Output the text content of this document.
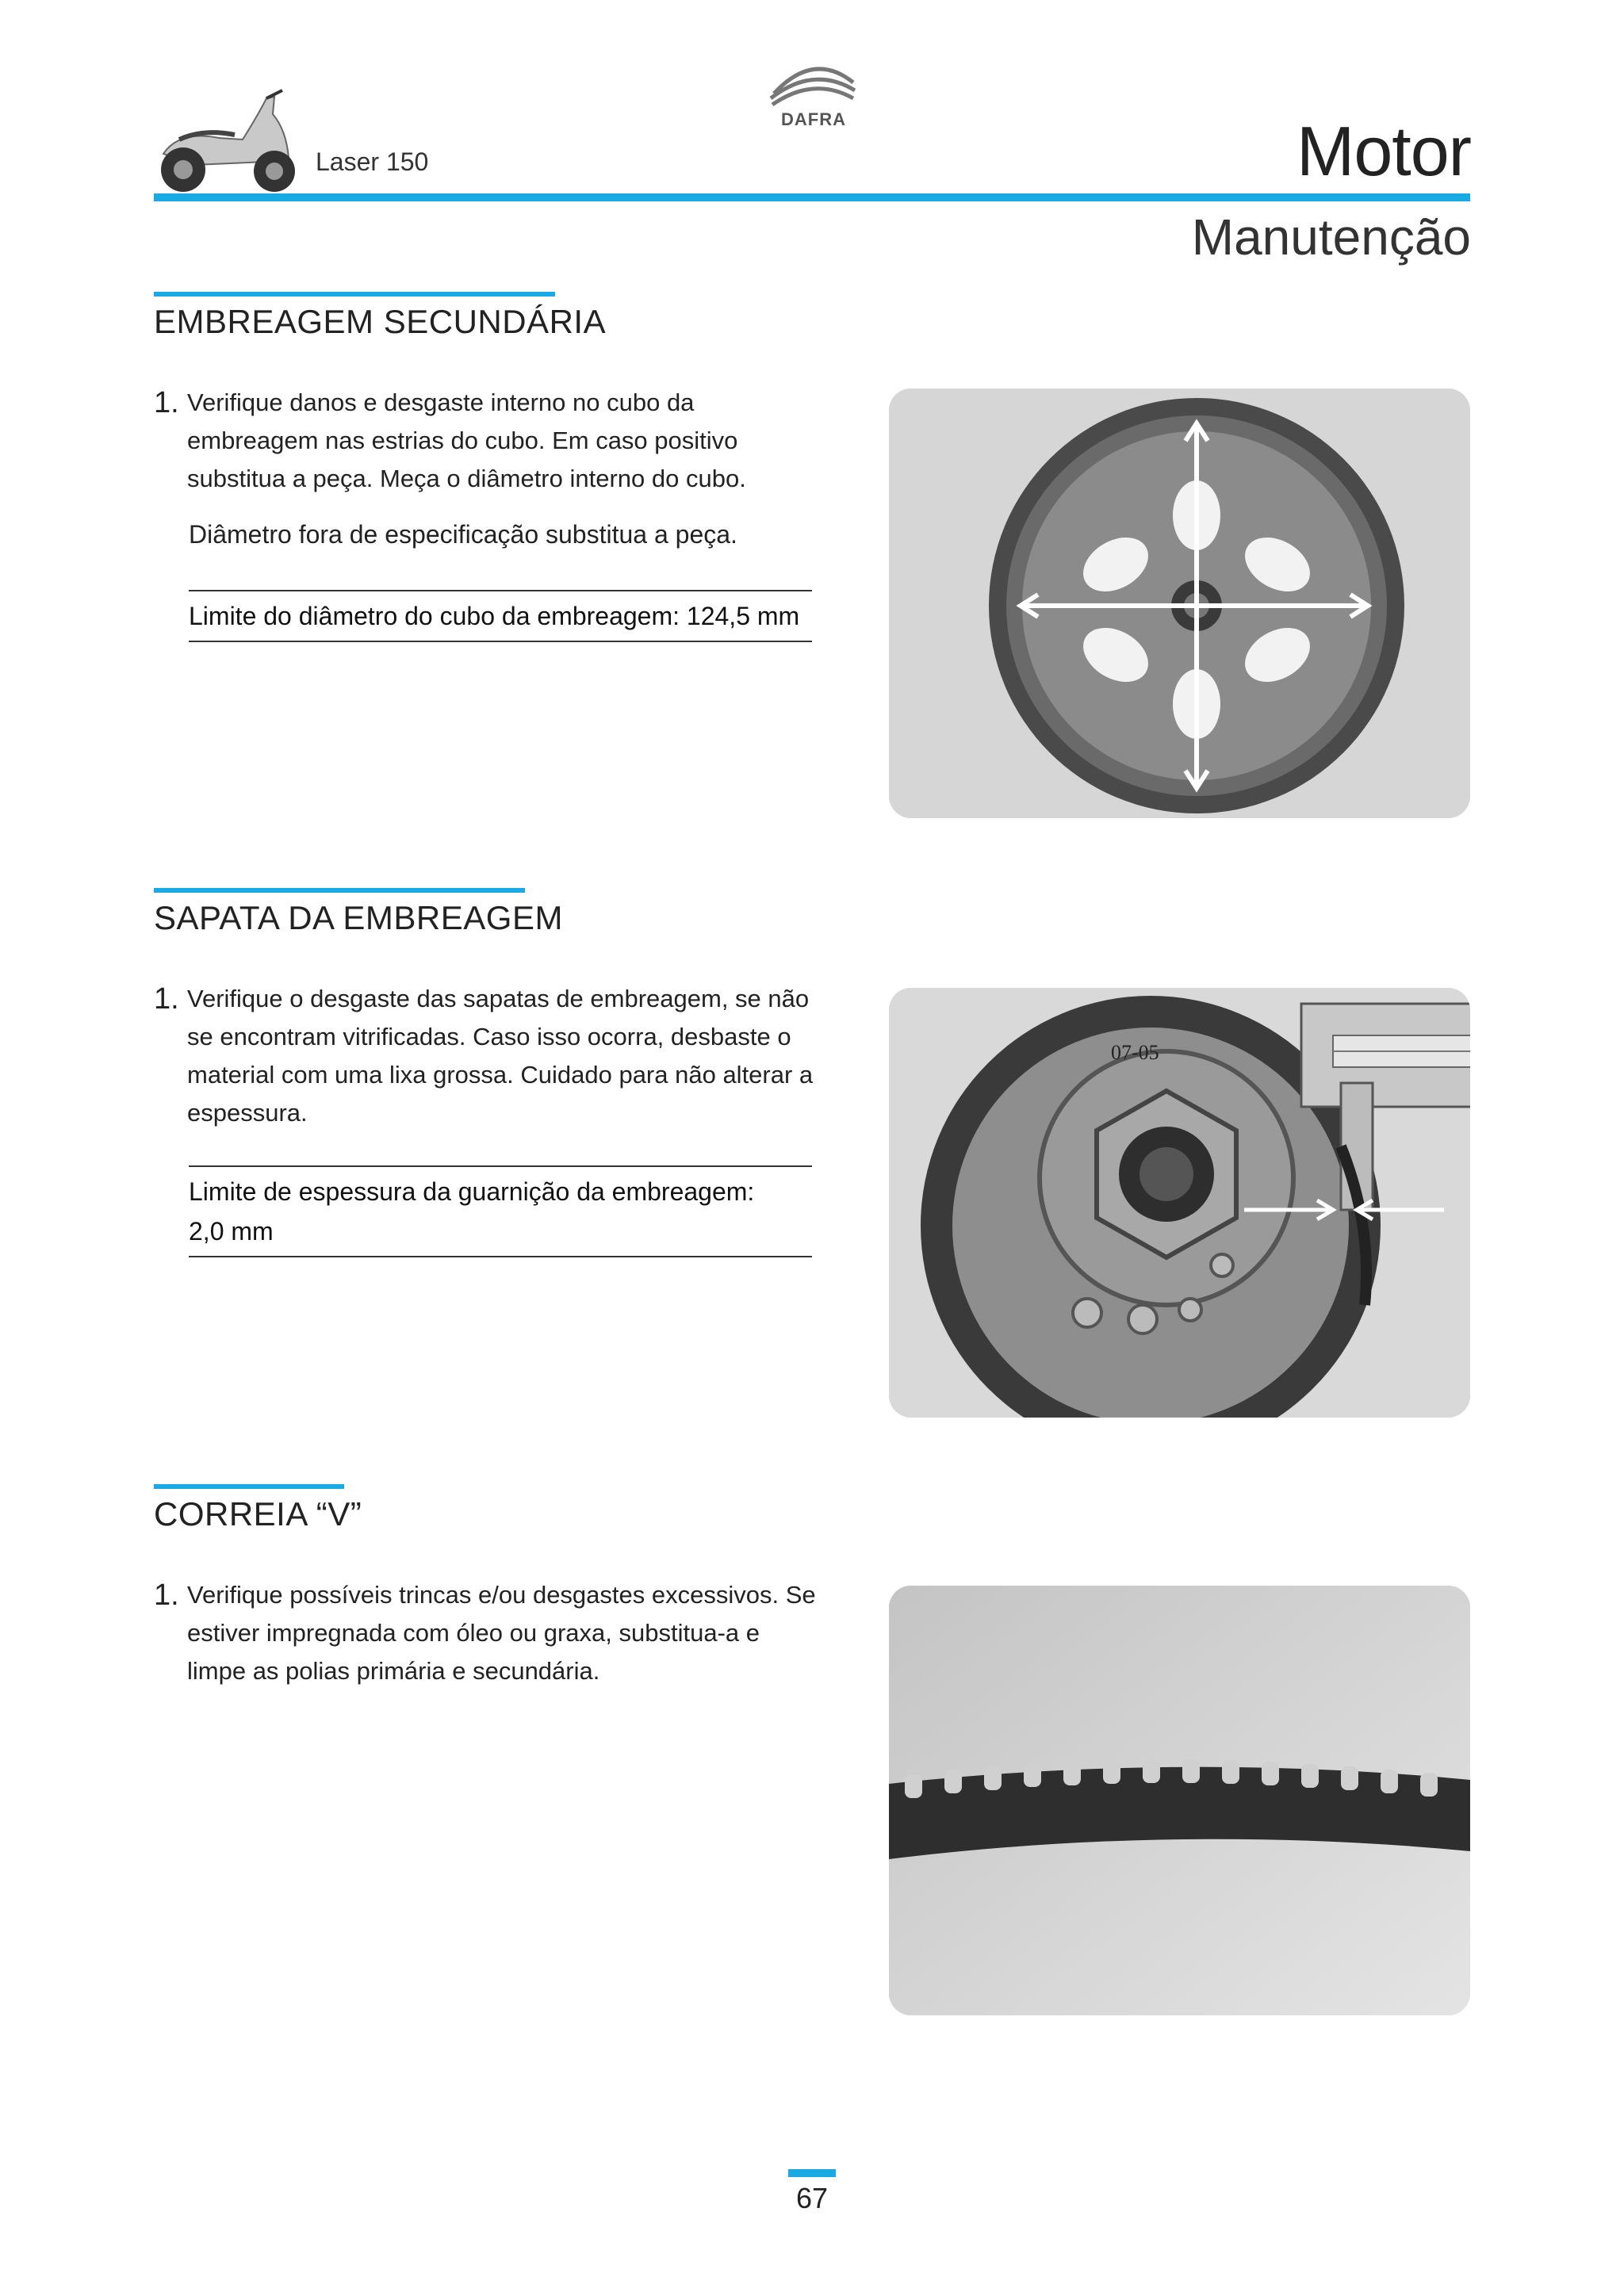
Laser 150
DAFRA	Motor
Manutenção
EMBREAGEM SECUNDÁRIA
1. Verifique danos e desgaste interno no cubo da embreagem nas estrias do cubo. Em caso positivo substitua a peça. Meça o diâmetro interno do cubo.
Diâmetro fora de especificação substitua a peça.
Limite do diâmetro do cubo da embreagem: 124,5 mm
SAPATA DA EMBREAGEM
1. Verifique o desgaste das sapatas de embreagem, se não se encontram vitrificadas. Caso isso ocorra, desbaste o material com uma lixa grossa. Cuidado para não alterar a espessura.
Limite de espessura da guarnição da embreagem:
2,0 mm
07-05
CORREIA “V”
1. Verifique possíveis trincas e/ou desgastes excessivos. Se estiver impregnada com óleo ou graxa, substitua-a e limpe as polias primária e secundária.
67
